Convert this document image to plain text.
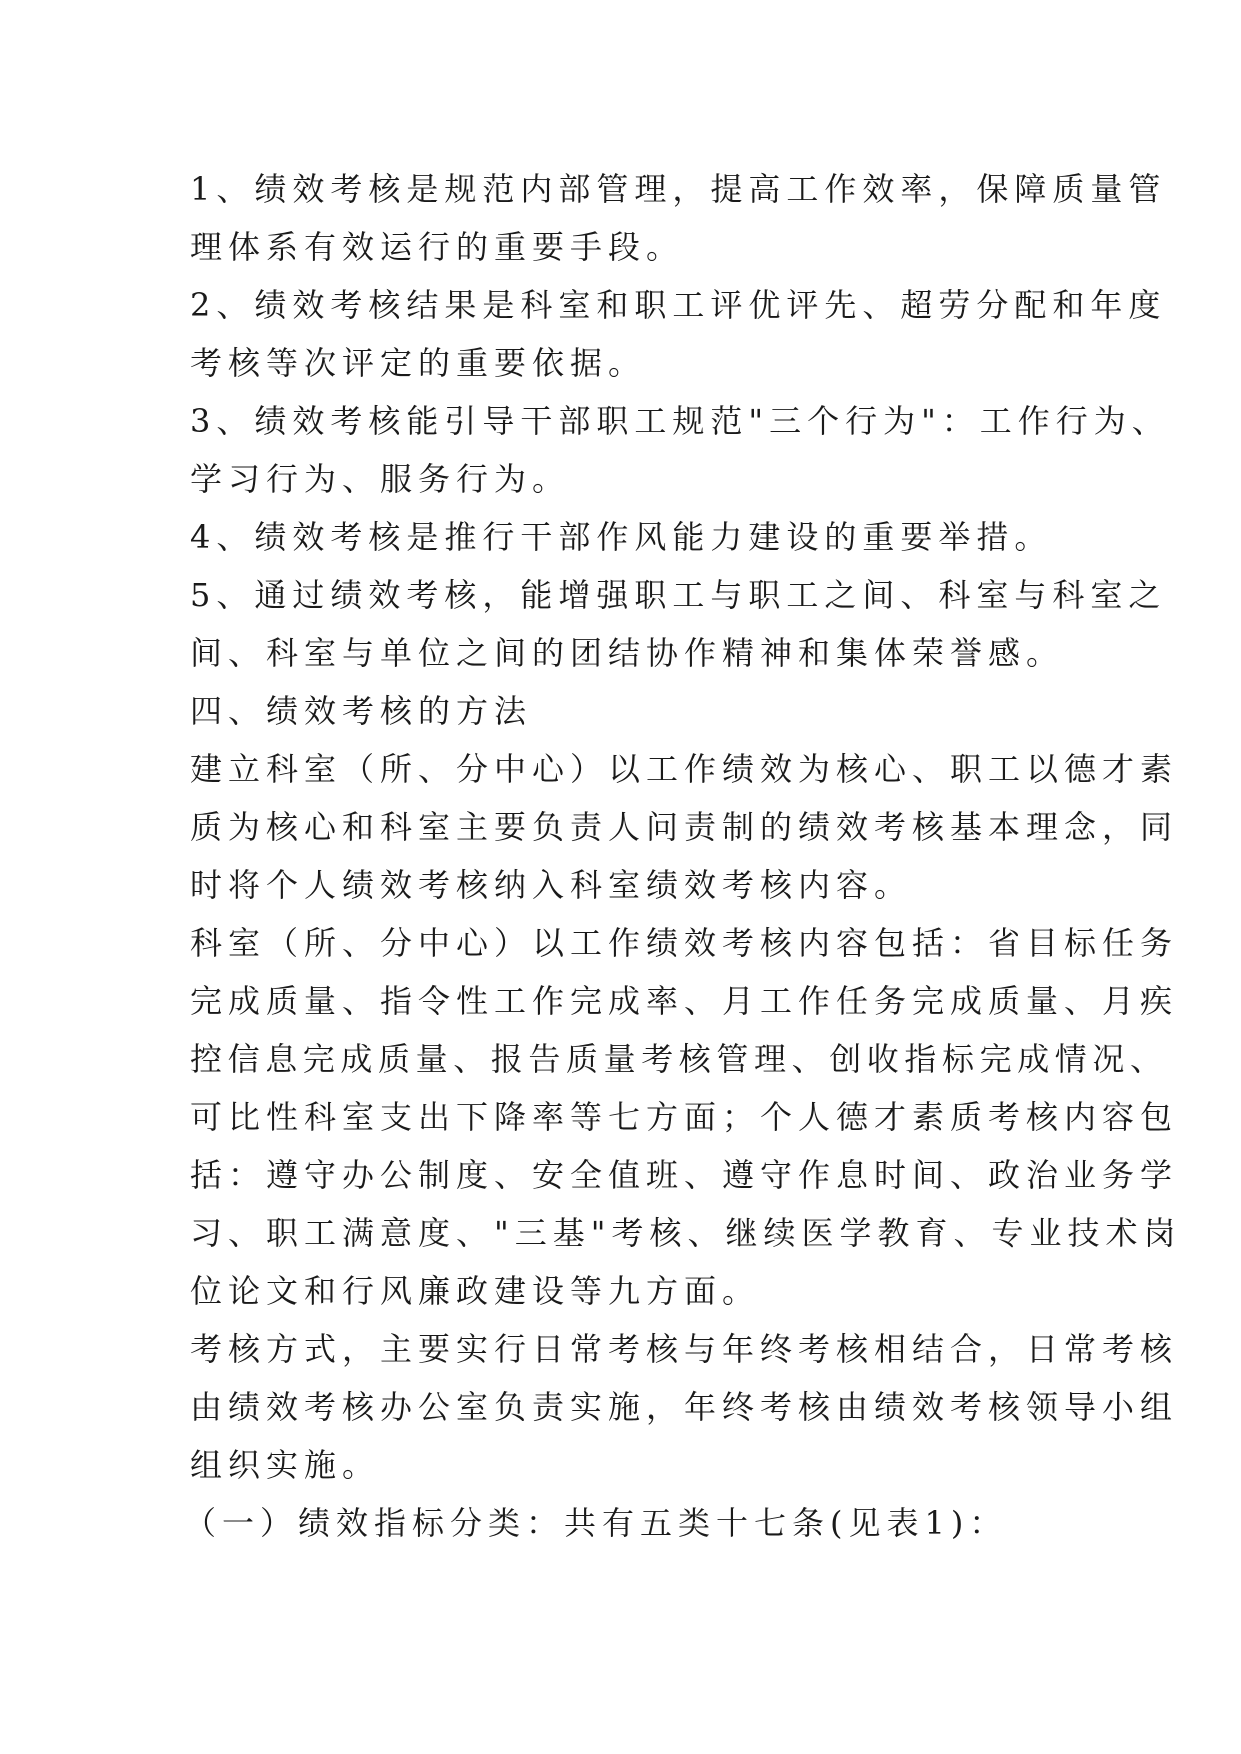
1、绩效考核是规范内部管理，提高工作效率，保障质量管
理体系有效运行的重要手段。
2、绩效考核结果是科室和职工评优评先、超劳分配和年度
考核等次评定的重要依据。
3、绩效考核能引导干部职工规范"三个行为"：工作行为、
学习行为、服务行为。
4、绩效考核是推行干部作风能力建设的重要举措。
5、通过绩效考核，能增强职工与职工之间、科室与科室之
间、科室与单位之间的团结协作精神和集体荣誉感。
四、绩效考核的方法
建立科室（所、分中心）以工作绩效为核心、职工以德才素
质为核心和科室主要负责人问责制的绩效考核基本理念，同
时将个人绩效考核纳入科室绩效考核内容。
科室（所、分中心）以工作绩效考核内容包括：省目标任务
完成质量、指令性工作完成率、月工作任务完成质量、月疾
控信息完成质量、报告质量考核管理、创收指标完成情况、
可比性科室支出下降率等七方面；个人德才素质考核内容包
括：遵守办公制度、安全值班、遵守作息时间、政治业务学
习、职工满意度、"三基"考核、继续医学教育、专业技术岗
位论文和行风廉政建设等九方面。
考核方式，主要实行日常考核与年终考核相结合，日常考核
由绩效考核办公室负责实施，年终考核由绩效考核领导小组
组织实施。
（一）绩效指标分类：共有五类十七条(见表1)：
